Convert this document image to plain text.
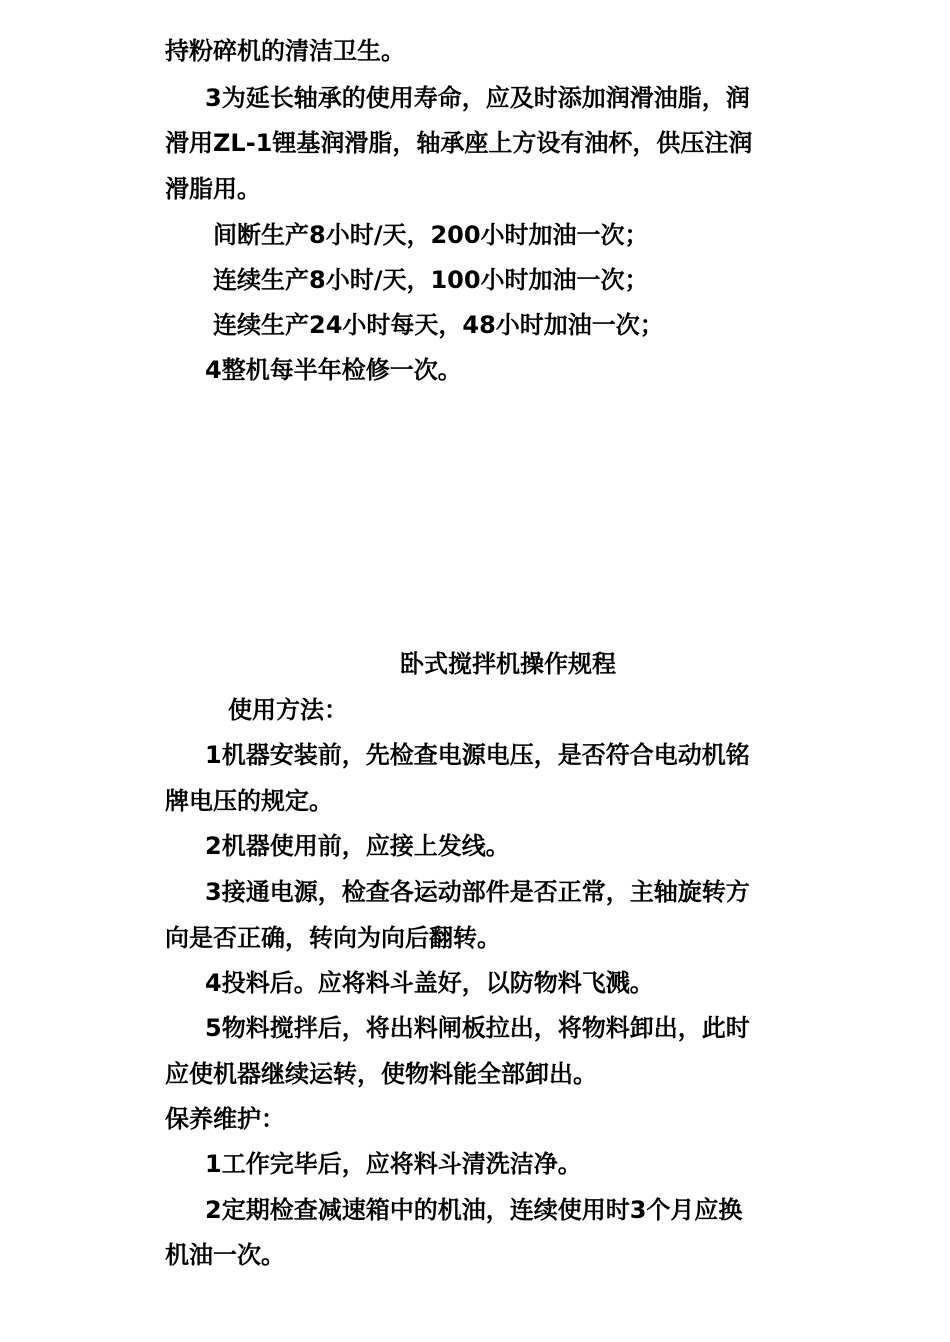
持粉碎机的清洁卫生。

3为延长轴承的使用寿命，应及时添加润滑油脂，润

滑用ZL-1锂基润滑脂，轴承座上方设有油杯，供压注润

滑脂用。

间断生产8小时/天，200小时加油一次；

连续生产8小时/天，100小时加油一次；

连续生产24小时每天，48小时加油一次；

4整机每半年检修一次。

卧式搅拌机操作规程

使用方法：

1机器安装前，先检查电源电压，是否符合电动机铭

牌电压的规定。

2机器使用前，应接上发线。

3接通电源，检查各运动部件是否正常，主轴旋转方

向是否正确，转向为向后翻转。

4投料后。应将料斗盖好，以防物料飞溅。

5物料搅拌后，将出料闸板拉出，将物料卸出，此时

应使机器继续运转，使物料能全部卸出。

保养维护：

1工作完毕后，应将料斗清洗洁净。

2定期检查减速箱中的机油，连续使用时3个月应换

机油一次。
